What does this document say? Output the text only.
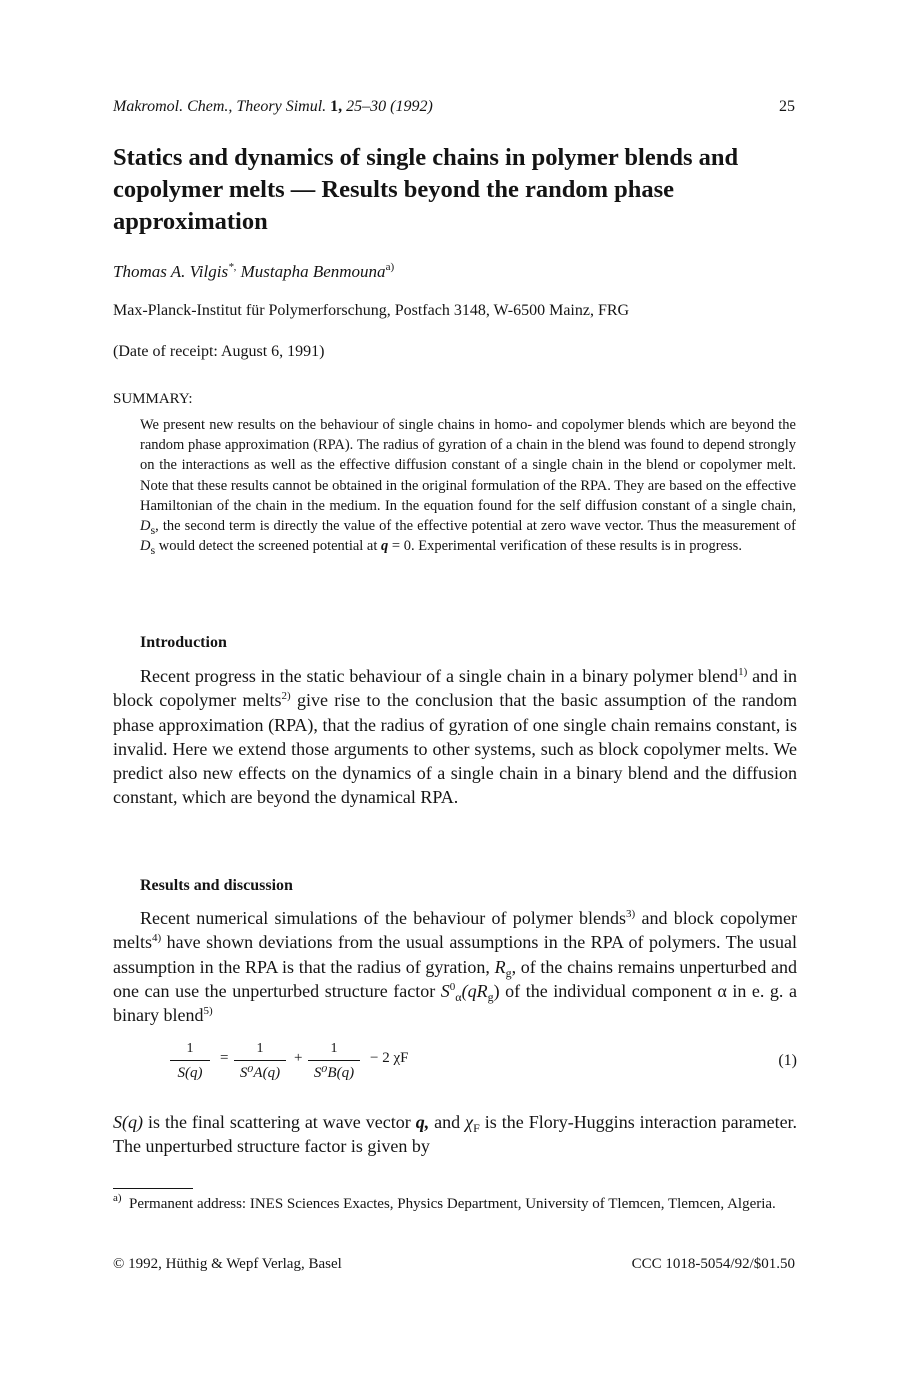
Makromol. Chem., Theory Simul. 1, 25–30 (1992)	25
Statics and dynamics of single chains in polymer blends and copolymer melts — Results beyond the random phase approximation
Thomas A. Vilgis*, Mustapha Benmouna$^{a)}$
Max-Planck-Institut für Polymerforschung, Postfach 3148, W-6500 Mainz, FRG
(Date of receipt: August 6, 1991)
SUMMARY:

We present new results on the behaviour of single chains in homo- and copolymer blends which are beyond the random phase approximation (RPA). The radius of gyration of a chain in the blend was found to depend strongly on the interactions as well as the effective diffusion constant of a single chain in the blend or copolymer melt. Note that these results cannot be obtained in the original formulation of the RPA. They are based on the effective Hamiltonian of the chain in the medium. In the equation found for the self diffusion constant of a single chain, $D_s$, the second term is directly the value of the effective potential at zero wave vector. Thus the measurement of $D_s$ would detect the screened potential at q = 0. Experimental verification of these results is in progress.

Introduction

Recent progress in the static behaviour of a single chain in a binary polymer blend$^{1)}$ and in block copolymer melts$^{2)}$ give rise to the conclusion that the basic assumption of the random phase approximation (RPA), that the radius of gyration of one single chain remains constant, is invalid. Here we extend those arguments to other systems, such as block copolymer melts. We predict also new effects on the dynamics of a single chain in a binary blend and the diffusion constant, which are beyond the dynamical RPA.

Results and discussion

Recent numerical simulations of the behaviour of polymer blends$^{3)}$ and block copolymer melts$^{4)}$ have shown deviations from the usual assumptions in the RPA of polymers. The usual assumption in the RPA is that the radius of gyration, $R_g$, of the chains remains unperturbed and one can use the unperturbed structure factor $S^0_\alpha(qR_g)$ of the individual component α in e. g. a binary blend$^{5)}$

1
S(q)
=
1
S⁰A(q)
+
1
S⁰B(q)
− 2 χF	(1)

S(q) is the final scattering at wave vector q, and $\chi_F$ is the Flory-Huggins interaction parameter. The unperturbed structure factor is given by

$^{a)}$ Permanent address: INES Sciences Exactes, Physics Department, University of Tlemcen, Tlemcen, Algeria.

© 1992, Hüthig & Wepf Verlag, Basel	CCC 1018-5054/92/$01.50
